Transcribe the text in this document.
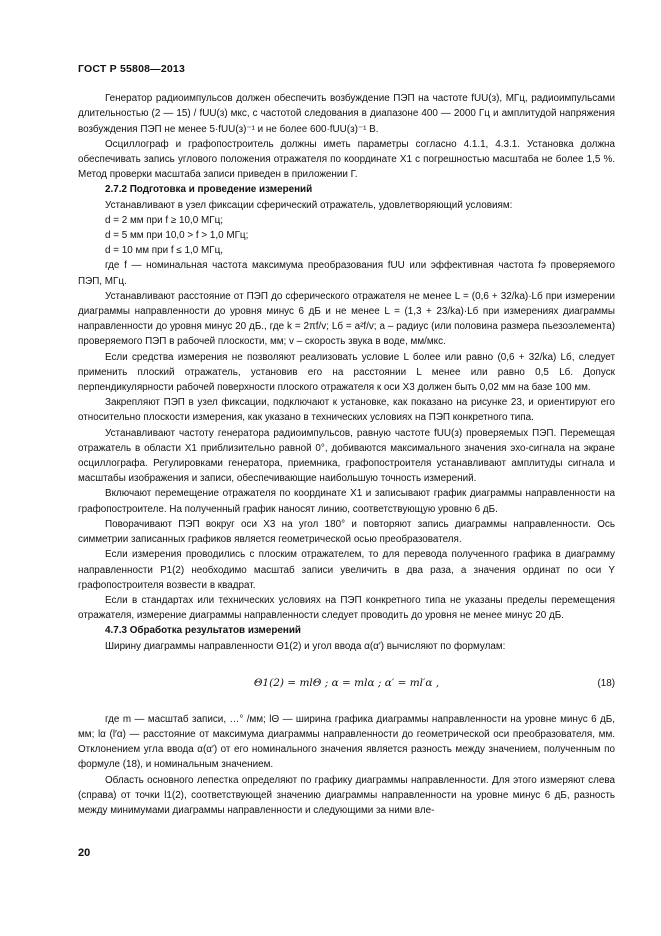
ГОСТ Р 55808—2013

Генератор радиоимпульсов должен обеспечить возбуждение ПЭП на частоте fUU(з), МГц, радиоимпульсами длительностью (2 — 15) / fUU(з) мкс, с частотой следования в диапазоне 400 — 2000 Гц и амплитудой напряжения возбуждения ПЭП не менее 5·fUU(з)⁻¹ и не более 600·fUU(з)⁻¹ В.

Осциллограф и графопостроитель должны иметь параметры согласно 4.1.1, 4.3.1. Установка должна обеспечивать запись углового положения отражателя по координате X1 с погрешностью масштаба не более 1,5 %. Метод проверки масштаба записи приведен в приложении Г.

2.7.2 Подготовка и проведение измерений

Устанавливают в узел фиксации сферический отражатель, удовлетворяющий условиям:

d = 2 мм при f ≥ 10,0 МГц;
d = 5 мм при 10,0 > f > 1,0 МГц;
d = 10 мм при f ≤ 1,0 МГц,

где f — номинальная частота максимума преобразования fUU или эффективная частота fэ проверяемого ПЭП, МГц.

Устанавливают расстояние от ПЭП до сферического отражателя не менее L = (0,6 + 32/ka)·Lб при измерении диаграммы направленности до уровня минус 6 дБ и не менее L = (1,3 + 23/ka)·Lб при измерениях диаграммы направленности до уровня минус 20 дБ., где k = 2πf/v; Lб = a²f/v; a – радиус (или половина размера пьезоэлемента) проверяемого ПЭП в рабочей плоскости, мм; v – скорость звука в воде, мм/мкс.

Если средства измерения не позволяют реализовать условие L более или равно (0,6 + 32/ka) Lб, следует применить плоский отражатель, установив его на расстоянии L менее или равно 0,5 Lб. Допуск перпендикулярности рабочей поверхности плоского отражателя к оси X3 должен быть 0,02 мм на базе 100 мм.

Закрепляют ПЭП в узел фиксации, подключают к установке, как показано на рисунке 23, и ориентируют его относительно плоскости измерения, как указано в технических условиях на ПЭП конкретного типа.

Устанавливают частоту генератора радиоимпульсов, равную частоте fUU(з) проверяемых ПЭП. Перемещая отражатель в области X1 приблизительно равной 0°, добиваются максимального значения эхо-сигнала на экране осциллографа. Регулировками генератора, приемника, графопостроителя устанавливают амплитуды сигнала и масштабы изображения и записи, обеспечивающие наибольшую точность измерений.

Включают перемещение отражателя по координате X1 и записывают график диаграммы направленности на графопостроителе. На полученный график наносят линию, соответствующую уровню 6 дБ.

Поворачивают ПЭП вокруг оси X3 на угол 180° и повторяют запись диаграммы направленности. Ось симметрии записанных графиков является геометрической осью преобразователя.

Если измерения проводились с плоским отражателем, то для перевода полученного графика в диаграмму направленности P1(2) необходимо масштаб записи увеличить в два раза, а значения ординат по оси Y графопостроителя возвести в квадрат.

Если в стандартах или технических условиях на ПЭП конкретного типа не указаны пределы перемещения отражателя, измерение диаграммы направленности следует проводить до уровня не менее минус 20 дБ.

4.7.3 Обработка результатов измерений

Ширину диаграммы направленности Θ1(2) и угол ввода α(α′) вычисляют по формулам:

Θ1(2) = mlΘ ; α = mlα ; α′ = ml′α ,	(18)

где m — масштаб записи, …° /мм; lΘ — ширина графика диаграммы направленности на уровне минус 6 дБ, мм; lα (l′α) — расстояние от максимума диаграммы направленности до геометрической оси преобразователя, мм. Отклонением угла ввода α(α′) от его номинального значения является разность между значением, полученным по формуле (18), и номинальным значением.

Область основного лепестка определяют по графику диаграммы направленности. Для этого измеряют слева (справа) от точки l1(2), соответствующей значению диаграммы направленности на уровне минус 6 дБ, разность между минимумами диаграммы направленности и следующими за ними вле-

20
